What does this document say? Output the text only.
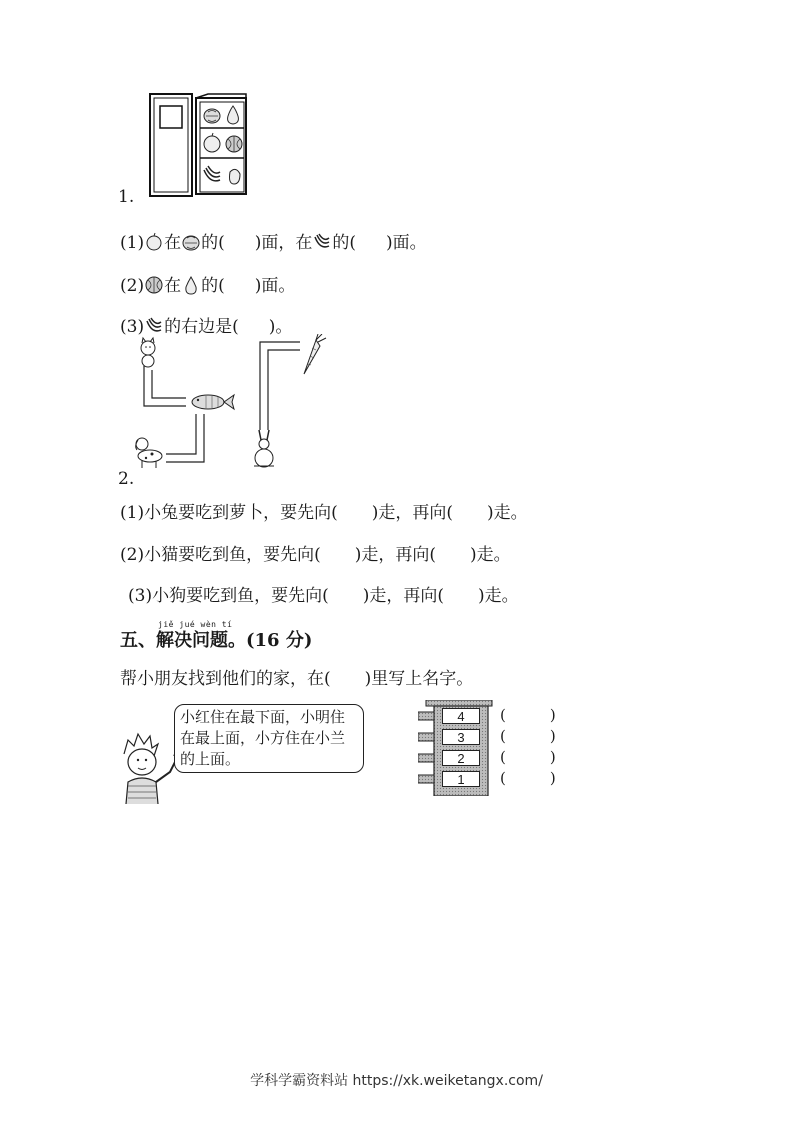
1.
(1) 在 的( )面，在 的( )面。
(2) 在 的( )面。
(3) 的右边是( )。
2.
(1)小兔要吃到萝卜，要先向(　　)走，再向(　　)走。
(2)小猫要吃到鱼，要先向(　　)走，再向(　　)走。
(3)小狗要吃到鱼，要先向(　　)走，再向(　　)走。
jiě jué wèn tí
五、解决问题。(16 分)
帮小朋友找到他们的家，在(　　)里写上名字。
小红住在最下面，小明住
在最上面，小方住在小兰
的上面。
4
3
2
1
()
()
()
()
学科学霸资料站 https://xk.weiketangx.com/
